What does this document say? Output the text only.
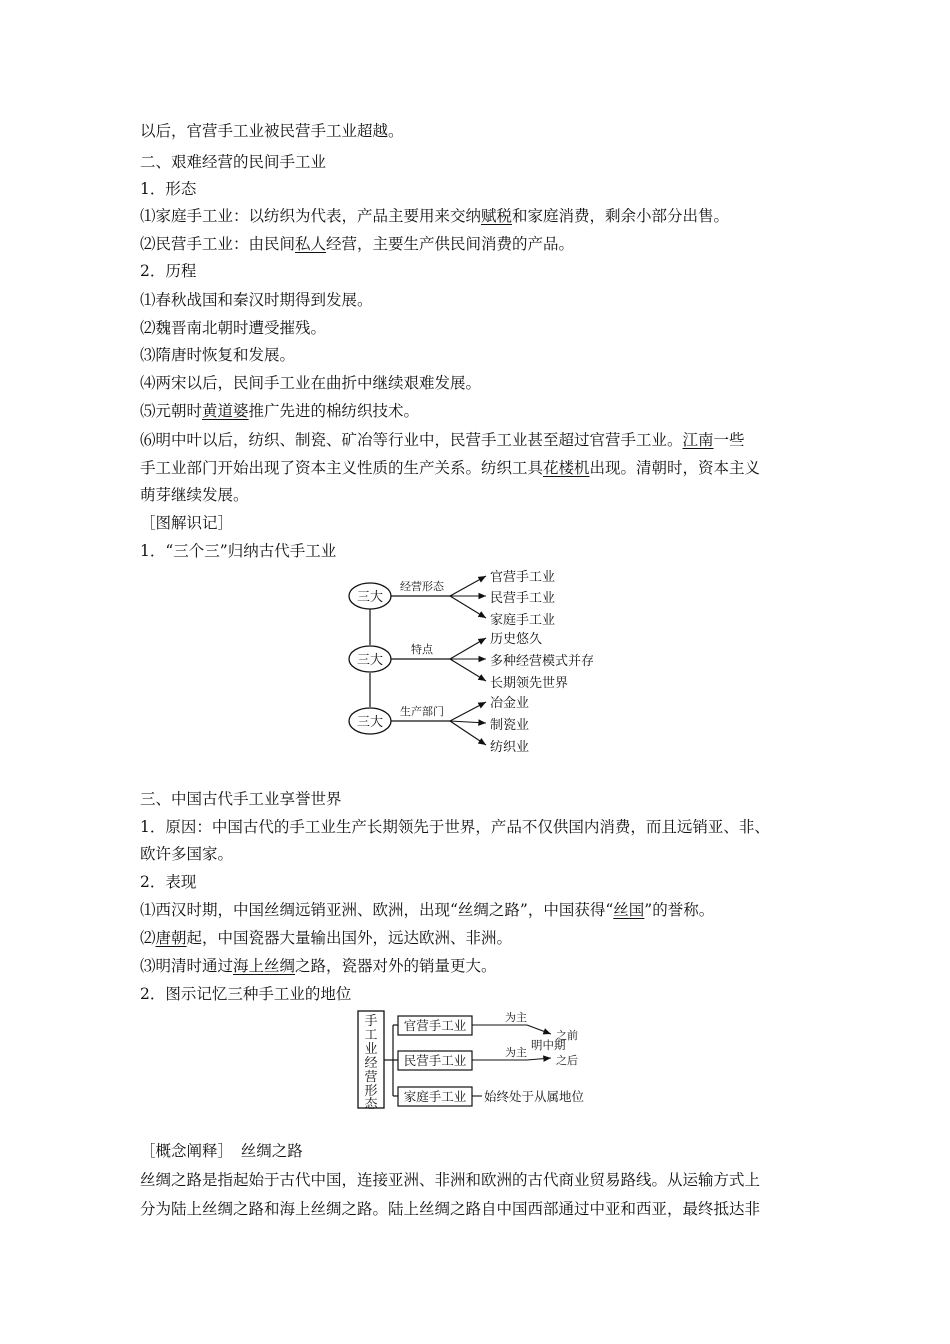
以后，官营手工业被民营手工业超越。
二、艰难经营的民间手工业
1．形态
⑴家庭手工业：以纺织为代表，产品主要用来交纳赋税和家庭消费，剩余小部分出售。
⑵民营手工业：由民间私人经营，主要生产供民间消费的产品。
2．历程
⑴春秋战国和秦汉时期得到发展。
⑵魏晋南北朝时遭受摧残。
⑶隋唐时恢复和发展。
⑷两宋以后，民间手工业在曲折中继续艰难发展。
⑸元朝时黄道婆推广先进的棉纺织技术。
⑹明中叶以后，纺织、制瓷、矿冶等行业中，民营手工业甚至超过官营手工业。江南一些
手工业部门开始出现了资本主义性质的生产关系。纺织工具花楼机出现。清朝时，资本主义
萌芽继续发展。
［图解识记］
1．“三个三”归纳古代手工业
三大
经营形态
官营手工业
民营手工业
家庭手工业
三大
特点
历史悠久
多种经营模式并存
长期领先世界
三大
生产部门
冶金业
制瓷业
纺织业
三、中国古代手工业享誉世界
1．原因：中国古代的手工业生产长期领先于世界，产品不仅供国内消费，而且远销亚、非、
欧许多国家。
2．表现
⑴西汉时期，中国丝绸远销亚洲、欧洲，出现“丝绸之路”，中国获得“丝国”的誉称。
⑵唐朝起，中国瓷器大量输出国外，远达欧洲、非洲。
⑶明清时通过海上丝绸之路，瓷器对外的销量更大。
2．图示记忆三种手工业的地位
手
工
业
经
营
形
态
官营手工业
民营手工业
家庭手工业
为主
之前
明中期
为主
之后
始终处于从属地位
［概念阐释］　丝绸之路
丝绸之路是指起始于古代中国，连接亚洲、非洲和欧洲的古代商业贸易路线。从运输方式上
分为陆上丝绸之路和海上丝绸之路。陆上丝绸之路自中国西部通过中亚和西亚，最终抵达非
